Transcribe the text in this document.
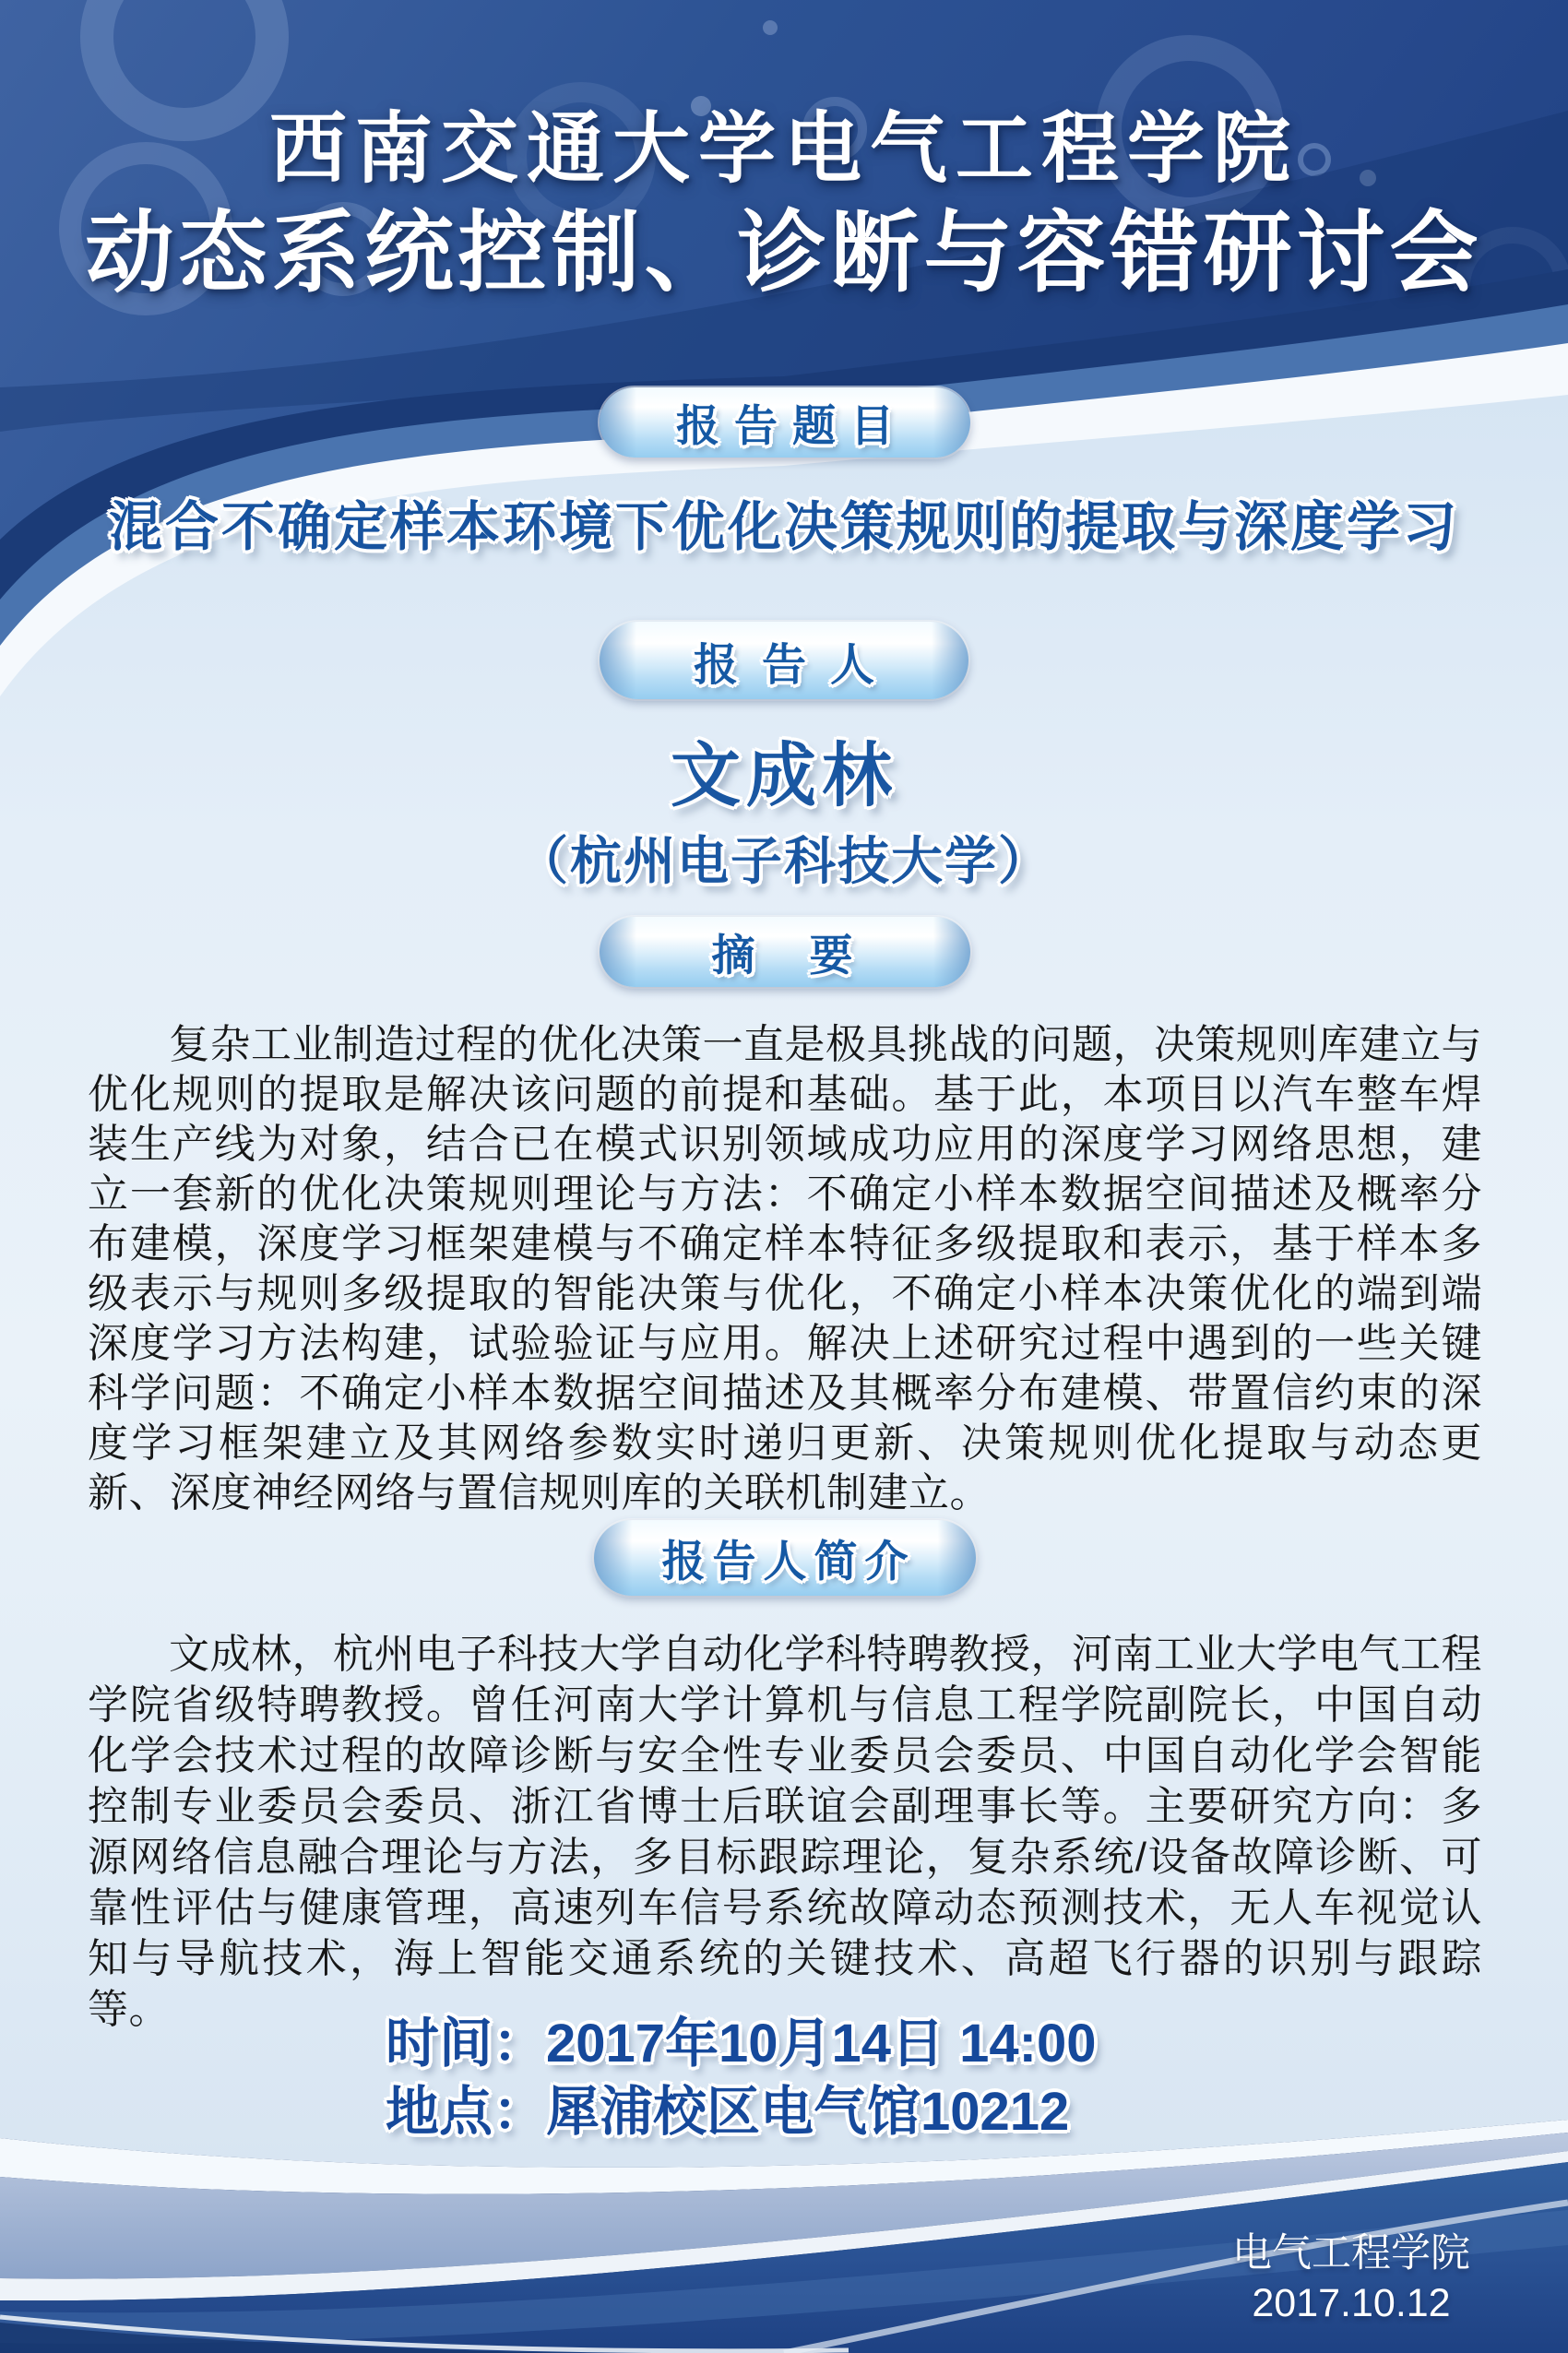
西南交通大学电气工程学院
动态系统控制、诊断与容错研讨会
报告题目
混合不确定样本环境下优化决策规则的提取与深度学习
报告人
文成林
（杭州电子科技大学）
摘　要

复杂工业制造过程的优化决策一直是极具挑战的问题，决策规则库建立与优化规则的提取是解决该问题的前提和基础。基于此，本项目以汽车整车焊装生产线为对象，结合已在模式识别领域成功应用的深度学习网络思想，建立一套新的优化决策规则理论与方法：不确定小样本数据空间描述及概率分布建模，深度学习框架建模与不确定样本特征多级提取和表示，基于样本多级表示与规则多级提取的智能决策与优化，不确定小样本决策优化的端到端深度学习方法构建，试验验证与应用。解决上述研究过程中遇到的一些关键科学问题：不确定小样本数据空间描述及其概率分布建模、带置信约束的深度学习框架建立及其网络参数实时递归更新、决策规则优化提取与动态更新、深度神经网络与置信规则库的关联机制建立。

报告人简介

文成林，杭州电子科技大学自动化学科特聘教授，河南工业大学电气工程学院省级特聘教授。曾任河南大学计算机与信息工程学院副院长，中国自动化学会技术过程的故障诊断与安全性专业委员会委员、中国自动化学会智能控制专业委员会委员、浙江省博士后联谊会副理事长等。主要研究方向：多源网络信息融合理论与方法，多目标跟踪理论，复杂系统/设备故障诊断、可靠性评估与健康管理，高速列车信号系统故障动态预测技术，无人车视觉认知与导航技术，海上智能交通系统的关键技术、高超飞行器的识别与跟踪等。

时间：2017年10月14日 14:00
地点：犀浦校区电气馆10212
电气工程学院
2017.10.12
